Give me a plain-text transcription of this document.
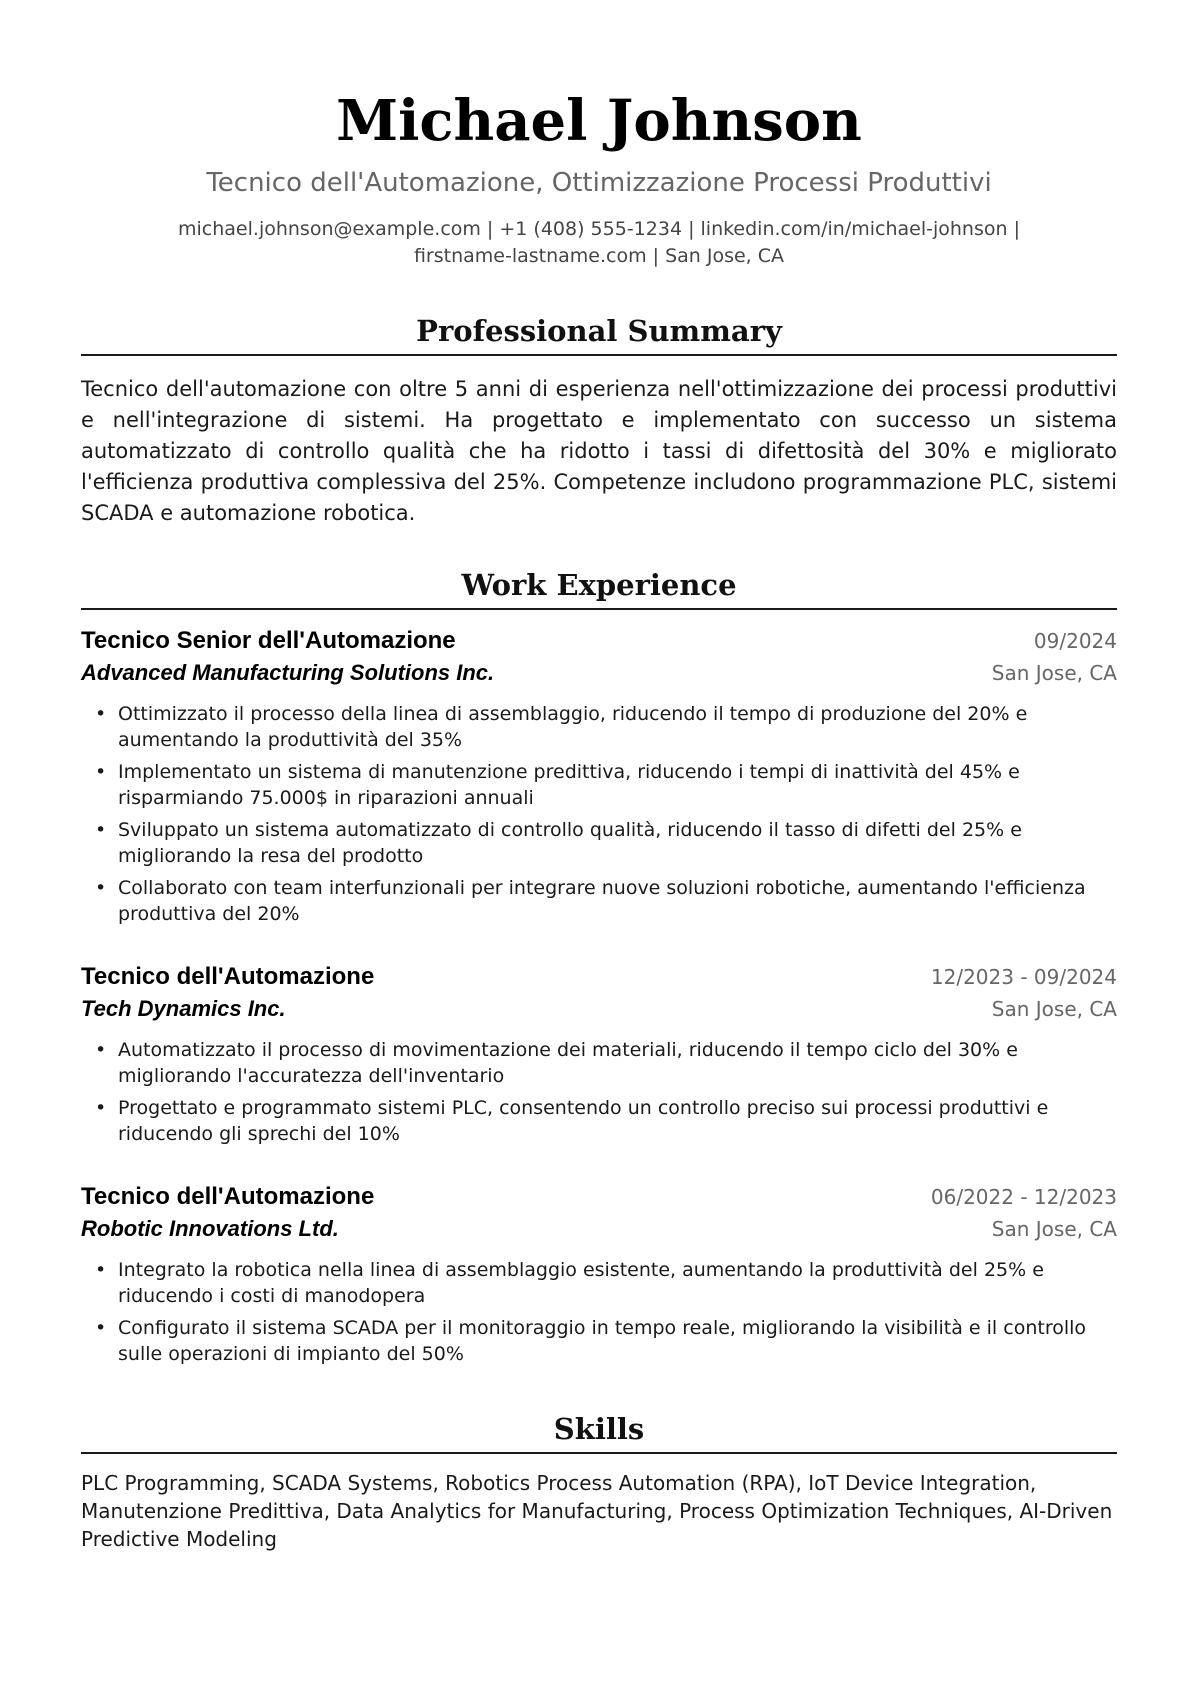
Michael Johnson
Tecnico dell'Automazione, Ottimizzazione Processi Produttivi
michael.johnson@example.com | +1 (408) 555-1234 | linkedin.com/in/michael-johnson |
firstname-lastname.com | San Jose, CA
Professional Summary
Tecnico dell'automazione con oltre 5 anni di esperienza nell'ottimizzazione dei processi produttivi e nell'integrazione di sistemi. Ha progettato e implementato con successo un sistema automatizzato di controllo qualità che ha ridotto i tassi di difettosità del 30% e migliorato l'efficienza produttiva complessiva del 25%. Competenze includono programmazione PLC, sistemi SCADA e automazione robotica.
Work Experience
Tecnico Senior dell'Automazione	09/2024
Advanced Manufacturing Solutions Inc.	San Jose, CA
• Ottimizzato il processo della linea di assemblaggio, riducendo il tempo di produzione del 20% e aumentando la produttività del 35%
• Implementato un sistema di manutenzione predittiva, riducendo i tempi di inattività del 45% e risparmiando 75.000$ in riparazioni annuali
• Sviluppato un sistema automatizzato di controllo qualità, riducendo il tasso di difetti del 25% e migliorando la resa del prodotto
• Collaborato con team interfunzionali per integrare nuove soluzioni robotiche, aumentando l'efficienza produttiva del 20%
Tecnico dell'Automazione	12/2023 - 09/2024
Tech Dynamics Inc.	San Jose, CA
• Automatizzato il processo di movimentazione dei materiali, riducendo il tempo ciclo del 30% e migliorando l'accuratezza dell'inventario
• Progettato e programmato sistemi PLC, consentendo un controllo preciso sui processi produttivi e riducendo gli sprechi del 10%
Tecnico dell'Automazione	06/2022 - 12/2023
Robotic Innovations Ltd.	San Jose, CA
• Integrato la robotica nella linea di assemblaggio esistente, aumentando la produttività del 25% e riducendo i costi di manodopera
• Configurato il sistema SCADA per il monitoraggio in tempo reale, migliorando la visibilità e il controllo sulle operazioni di impianto del 50%
Skills
PLC Programming, SCADA Systems, Robotics Process Automation (RPA), IoT Device Integration, Manutenzione Predittiva, Data Analytics for Manufacturing, Process Optimization Techniques, AI-Driven Predictive Modeling
